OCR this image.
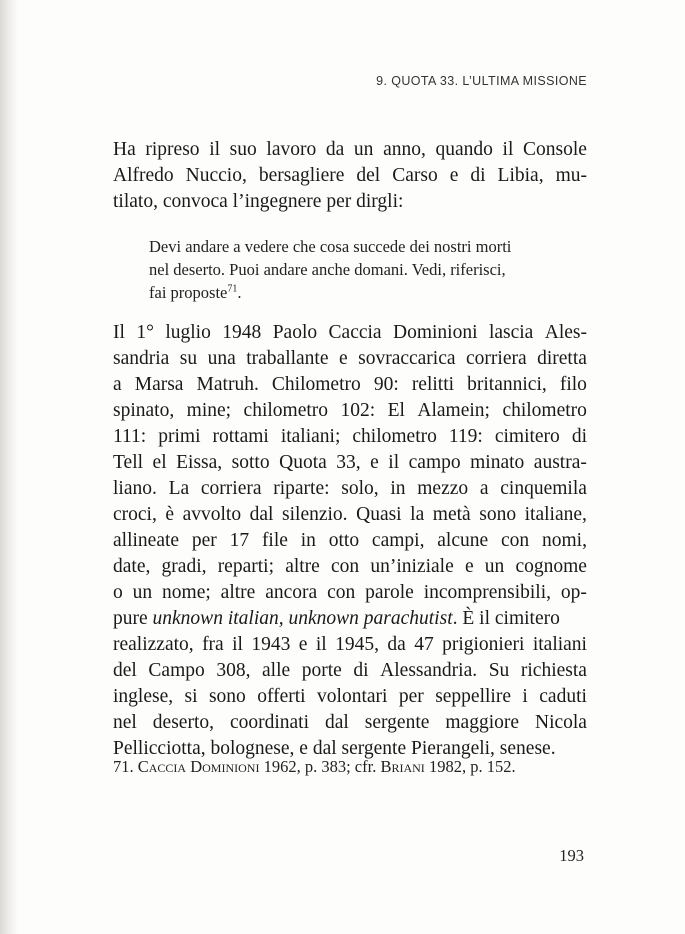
9. QUOTA 33. L’ULTIMA MISSIONE
Ha ripreso il suo lavoro da un anno, quando il Console
Alfredo Nuccio, bersagliere del Carso e di Libia, mu-
tilato, convoca l’ingegnere per dirgli:
Devi andare a vedere che cosa succede dei nostri morti
nel deserto. Puoi andare anche domani. Vedi, riferisci,
fai proposte$^{71}$.
Il 1° luglio 1948 Paolo Caccia Dominioni lascia Ales-
sandria su una traballante e sovraccarica corriera diretta
a Marsa Matruh. Chilometro 90: relitti britannici, filo
spinato, mine; chilometro 102: El Alamein; chilometro
111: primi rottami italiani; chilometro 119: cimitero di
Tell el Eissa, sotto Quota 33, e il campo minato austra-
liano. La corriera riparte: solo, in mezzo a cinquemila
croci, è avvolto dal silenzio. Quasi la metà sono italiane,
allineate per 17 file in otto campi, alcune con nomi,
date, gradi, reparti; altre con un’iniziale e un cognome
o un nome; altre ancora con parole incomprensibili, op-
pure unknown italian, unknown parachutist. È il cimitero
realizzato, fra il 1943 e il 1945, da 47 prigionieri italiani
del Campo 308, alle porte di Alessandria. Su richiesta
inglese, si sono offerti volontari per seppellire i caduti
nel deserto, coordinati dal sergente maggiore Nicola
Pellicciotta, bolognese, e dal sergente Pierangeli, senese.
71. Caccia Dominioni 1962, p. 383; cfr. Briani 1982, p. 152.
193
